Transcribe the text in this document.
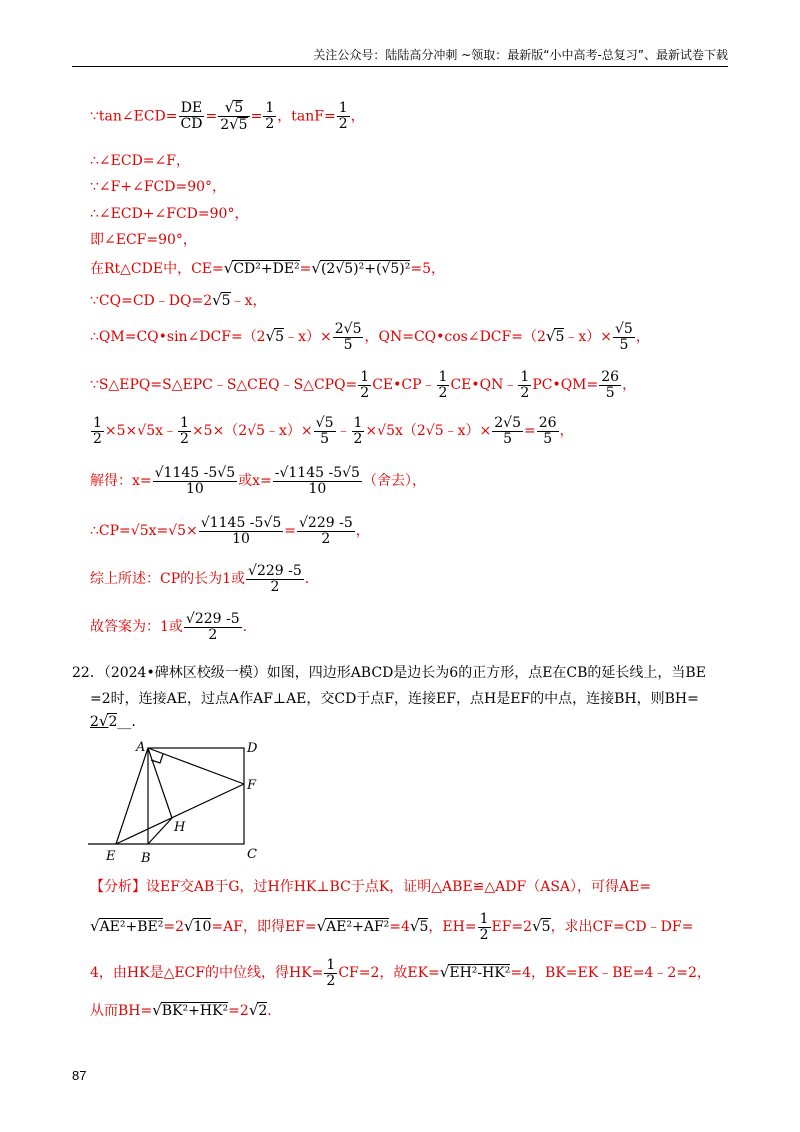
关注公众号：陆陆高分冲刺 ~领取：最新版“小中高考-总复习”、最新试卷下载
∵tan∠ECD= $\frac{DE}{CD} = \frac{√5}{2√5} = \frac{1}{2}$ ，$\tan F= \frac{1}{2}$ ，
∴∠ECD=∠F，
∵∠F+∠FCD=90°，
∴∠ECD+∠FCD=90°，
即∠ECF=90°，
在Rt△CDE中，CE=√CD²+DE²=√(2√5)²+(√5)²=5，
∵CQ=CD﹣DQ=2√5﹣x，
∴QM=CQ•sin∠DCF=（2√5﹣x）× $\frac{2√5}{5}$ ，QN=CQ•cos∠DCF=（2√5﹣x）× $\frac{√5}{5}$ ，
∵S△EPQ=S△EPC﹣S△CEQ﹣S△CPQ= $\frac{1}{2}$ CE•CP﹣ $\frac{1}{2}$ CE•QN﹣ $\frac{1}{2}$ PC•QM= $\frac{26}{5}$ ，
$\frac{1}{2}$ ×5×√5x﹣ $\frac{1}{2}$ ×5×（2√5﹣x）× $\frac{√5}{5}$ ﹣ $\frac{1}{2}$ ×√5x（2√5﹣x）× $\frac{2√5}{5} = \frac{26}{5}$ ，
解得：$x= \frac{√1145 -5√5}{10}$ 或$x= \frac{-√1145 -5√5}{10}$ （舍去），
∴CP=√5x=√5× $\frac{√1145 -5√5}{10} = \frac{√229 -5}{2}$ ，
综上所述：CP的长为1或 $\frac{√229 -5}{2}$ .
故答案为：1或 $\frac{√229 -5}{2}$ .
22．（2024•碑林区校级一模）如图，四边形ABCD是边长为6的正方形，点E在CB的延长线上，当BE
=2时，连接AE，过点A作AF⊥AE，交CD于点F，连接EF，点H是EF的中点，连接BH，则BH=
2√2__.
A	D
F
H
E B	C
【分析】设EF交AB于G，过H作HK⊥BC于点K，证明△ABE≌△ADF（ASA），可得AE=
√AE²+BE²=2√10=AF，即得EF=√AE²+AF²=4√5，$EH= \frac{1}{2} EF=2√5$，求出CF=CD﹣DF=
4，由HK是△ECF的中位线，得$HK= \frac{1}{2} CF=2$，故EK=√EH²-HK²=4，BK=EK﹣BE=4﹣2=2，
从而BH=√BK²+HK²=2√2.
87
